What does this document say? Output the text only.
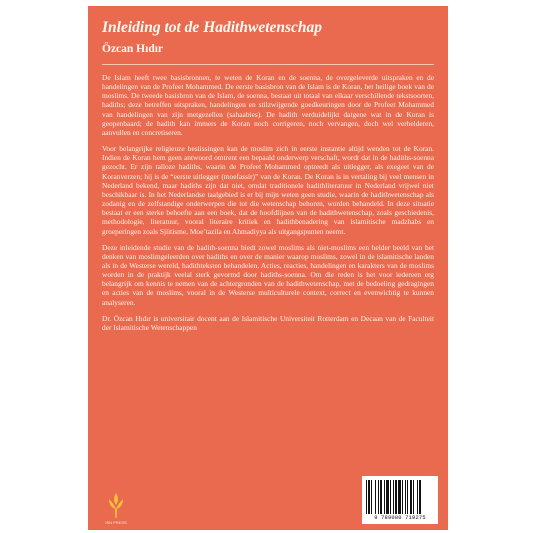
Inleiding tot de Hadithwetenschap
Özcan Hıdır

De Islam heeft twee basisbronnen, te weten de Koran en de soenna, de overgeleverde uitspraken en de handelingen van de Profeet Mohammed. De eerste basisbron van de Islam is de Koran, het heilige boek van de moslims. De tweede basisbron van de Islam, de soenna, bestaat uit totaal van elkaar verschillende tekstsoorten, hadiths; deze betreffen uitspraken, handelingen en stilzwijgende goedkeuringen door de Profeet Mohammed van handelingen van zijn metgezellen (sahaabies). De hadith verduidelijkt datgene wat in de Koran is geopenbaard; de hadith kan immers de Koran noch corrigeren, noch vervangen, doch wel verhelderen, aanvullen en concretiseren.

Voor belangrijke religieuze beslissingen kan de moslim zich in eerste instantie altijd wenden tot de Koran. Indien de Koran hem geen antwoord omtrent een bepaald onderwerp verschaft, wordt dat in de hadiths-soenna gezocht. Er zijn talloze hadiths, waarin de Profeet Mohammed optreedt als uitlegger, als exegeet van de Koranverzen; hij is de “eerste uitlegger (moefassir)” van de Koran. De Koran is in vertaling bij veel mensen in Nederland bekend, maar hadiths zijn dat niet, omdat traditionele hadithliteratuur in Nederland vrijwel niet beschikbaar is. In het Nederlandse taalgebied is er bij mijn weten geen studie, waarin de hadithwetenschap als zodanig en de zelfstandige onderwerpen die tot die wetenschap behoren, worden behandeld. In deze situatie bestaat er een sterke behoefte aan een boek, dat de hoofdlijnen van de hadithwetenschap, zoals geschiedenis, methodologie, literatuur, vooral literaire kritiek en hadithbenadering van islamitische madzhabs en groeperingen zoals Sjiitisme, Moe’tazila en Ahmadiyya als uitgangspunten neemt.

Deze inleidende studie van de hadith-soenna biedt zowel moslims als niet-moslims een helder beeld van het denken van moslimgeleerden over hadiths en over de manier waarop moslims, zowel in de islamitische landen als in de Westerse wereld, hadithteksten behandelen. Acties, reacties, handelingen en karakters van de moslims worden in de praktijk veelal sterk gevormd door hadiths-soenna. Om die reden is het voor iedereen erg belangrijk om kennis te nemen van de achtergronden van de hadithwetenschap, met de bedoeling gedragingen en acties van de moslims, vooral in de Westerse multiculturele context, correct en evenwichtig te kunnen analyseren.

Dr. Özcan Hıdır is universitair docent aan de Islamitische Universiteit Rotterdam en Decaan van de Faculteit der Islamitische Wetenschappen

ISN PRESS
9 789080 719275
